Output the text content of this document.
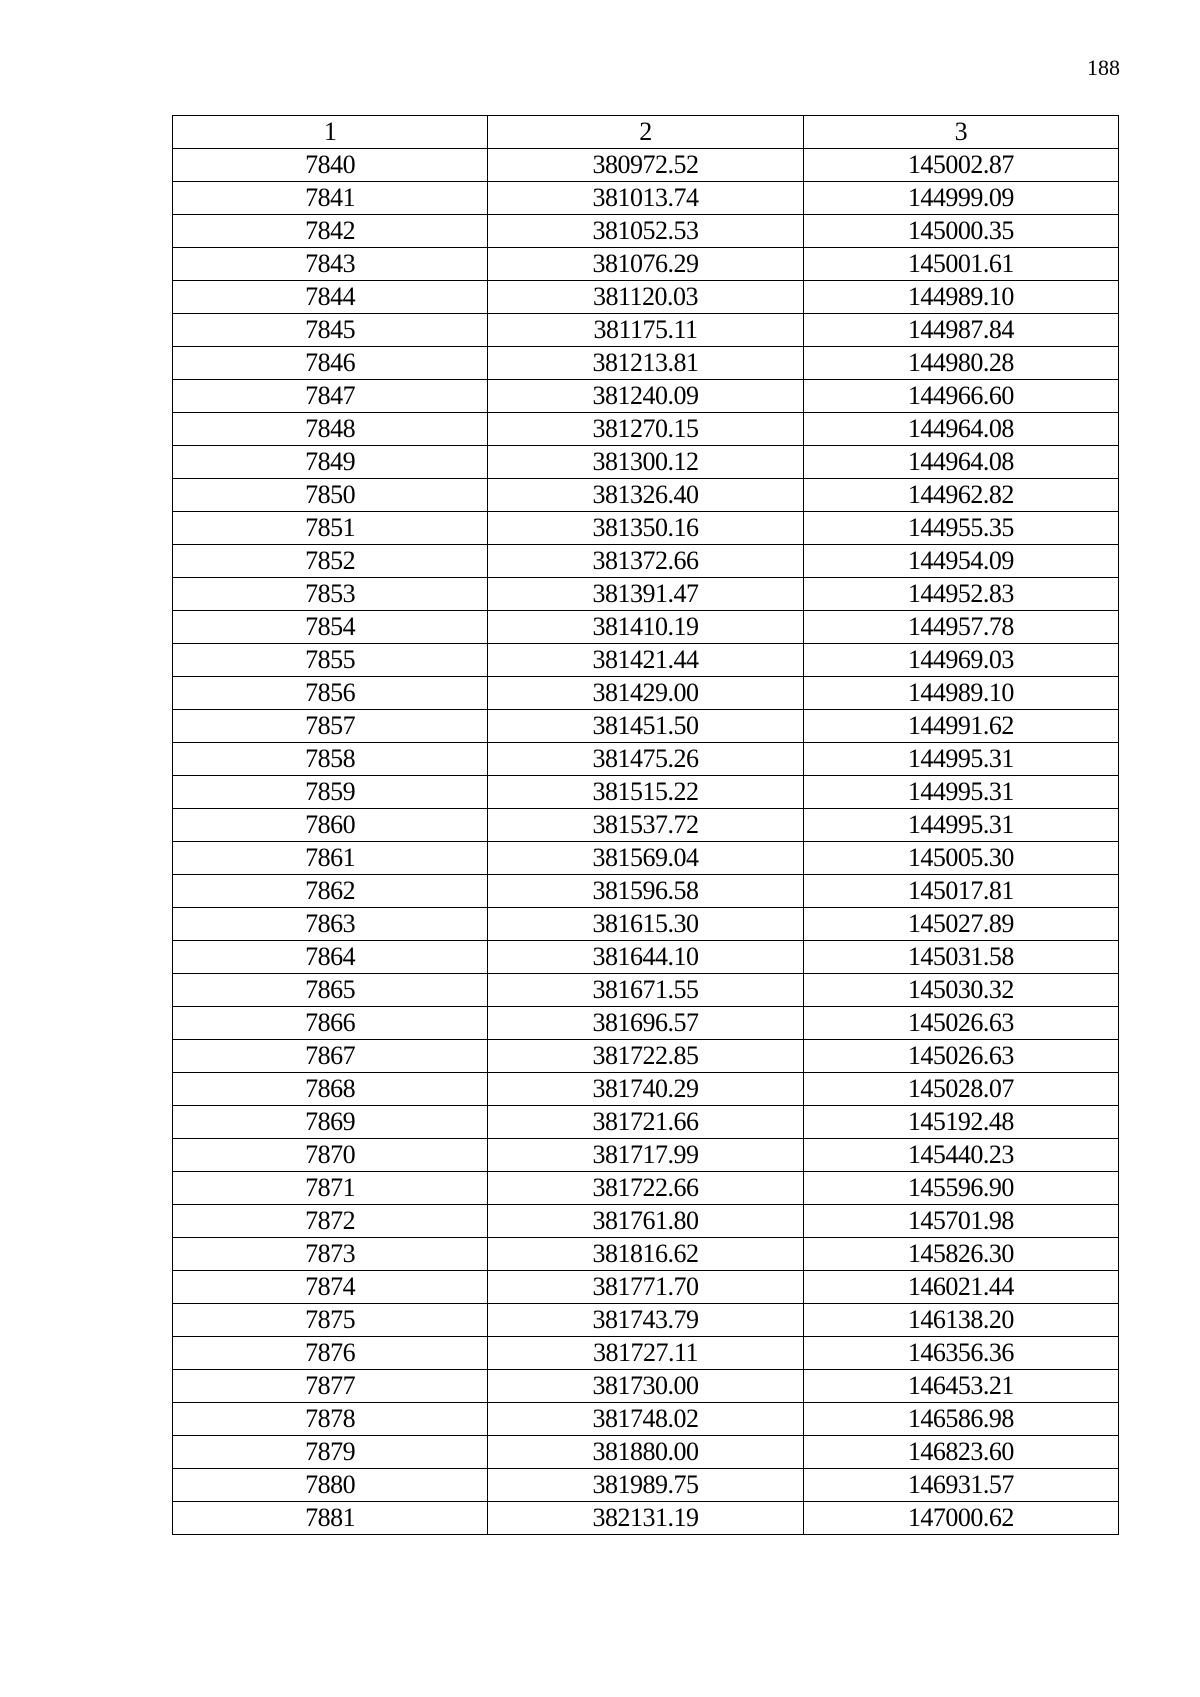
188
1	2	3
7840	380972.52	145002.87
7841	381013.74	144999.09
7842	381052.53	145000.35
7843	381076.29	145001.61
7844	381120.03	144989.10
7845	381175.11	144987.84
7846	381213.81	144980.28
7847	381240.09	144966.60
7848	381270.15	144964.08
7849	381300.12	144964.08
7850	381326.40	144962.82
7851	381350.16	144955.35
7852	381372.66	144954.09
7853	381391.47	144952.83
7854	381410.19	144957.78
7855	381421.44	144969.03
7856	381429.00	144989.10
7857	381451.50	144991.62
7858	381475.26	144995.31
7859	381515.22	144995.31
7860	381537.72	144995.31
7861	381569.04	145005.30
7862	381596.58	145017.81
7863	381615.30	145027.89
7864	381644.10	145031.58
7865	381671.55	145030.32
7866	381696.57	145026.63
7867	381722.85	145026.63
7868	381740.29	145028.07
7869	381721.66	145192.48
7870	381717.99	145440.23
7871	381722.66	145596.90
7872	381761.80	145701.98
7873	381816.62	145826.30
7874	381771.70	146021.44
7875	381743.79	146138.20
7876	381727.11	146356.36
7877	381730.00	146453.21
7878	381748.02	146586.98
7879	381880.00	146823.60
7880	381989.75	146931.57
7881	382131.19	147000.62
